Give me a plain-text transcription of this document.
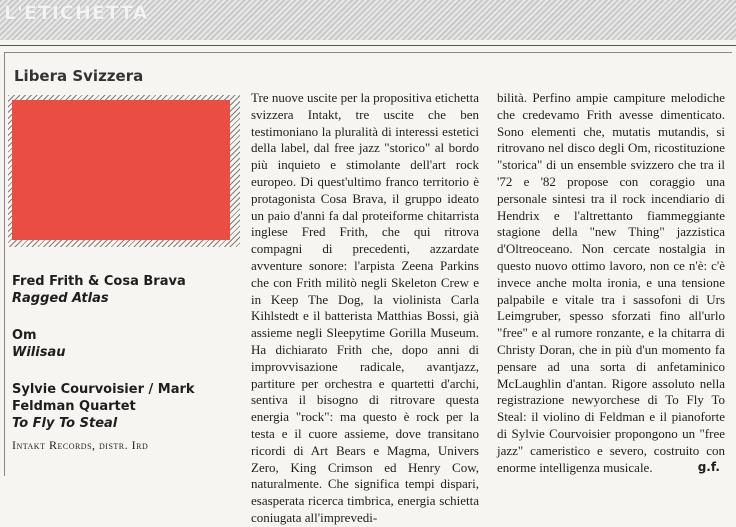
L'ETICHETTA
Libera Svizzera
Fred Frith & Cosa Brava
Ragged Atlas
Om
Wilisau
Sylvie Courvoisier / Mark Feldman Quartet
To Fly To Steal

Intakt Records, distr. Ird

Tre nuove uscite per la propositiva etichetta svizzera Intakt, tre uscite che ben testimoniano la pluralità di interessi estetici della label, dal free jazz "storico" al bordo più inquieto e stimolante dell'art rock europeo. Di quest'ultimo franco territorio è protagonista Cosa Brava, il gruppo ideato un paio d'anni fa dal proteiforme chitarrista inglese Fred Frith, che qui ritrova compagni di precedenti, azzardate avventure sonore: l'arpista Zeena Parkins che con Frith militò negli Skeleton Crew e in Keep The Dog, la violinista Carla Kihlstedt e il batterista Matthias Bossi, già assieme negli Sleepytime Gorilla Museum. Ha dichiarato Frith che, dopo anni di improvvisazione radicale, avantjazz, partiture per orchestra e quartetti d'archi, sentiva il bisogno di ritrovare questa energia "rock": ma questo è rock per la testa e il cuore assieme, dove transitano ricordi di Art Bears e Magma, Univers Zero, King Crimson ed Henry Cow, naturalmente. Che significa tempi dispari, esasperata ricerca timbrica, energia schietta coniugata all'imprevedi-

bilità. Perfino ampie campiture melodiche che credevamo Frith avesse dimenticato. Sono elementi che, mutatis mutandis, si ritrovano nel disco degli Om, ricostituzione "storica" di un ensemble svizzero che tra il '72 e '82 propose con coraggio una personale sintesi tra il rock incendiario di Hendrix e l'altrettanto fiammeggiante stagione della "new Thing" jazzistica d'Oltreoceano. Non cercate nostalgia in questo nuovo ottimo lavoro, non ce n'è: c'è invece anche molta ironia, e una tensione palpabile e vitale tra i sassofoni di Urs Leimgruber, spesso sforzati fino all'urlo "free" e al rumore ronzante, e la chitarra di Christy Doran, che in più d'un momento fa pensare ad una sorta di anfetaminico McLaughlin d'antan. Rigore assoluto nella registrazione newyorchese di To Fly To Steal: il violino di Feldman e il pianoforte di Sylvie Courvoisier propongono un "free jazz" cameristico e severo, costruito con enorme intelligenza musicale.	g.f.
